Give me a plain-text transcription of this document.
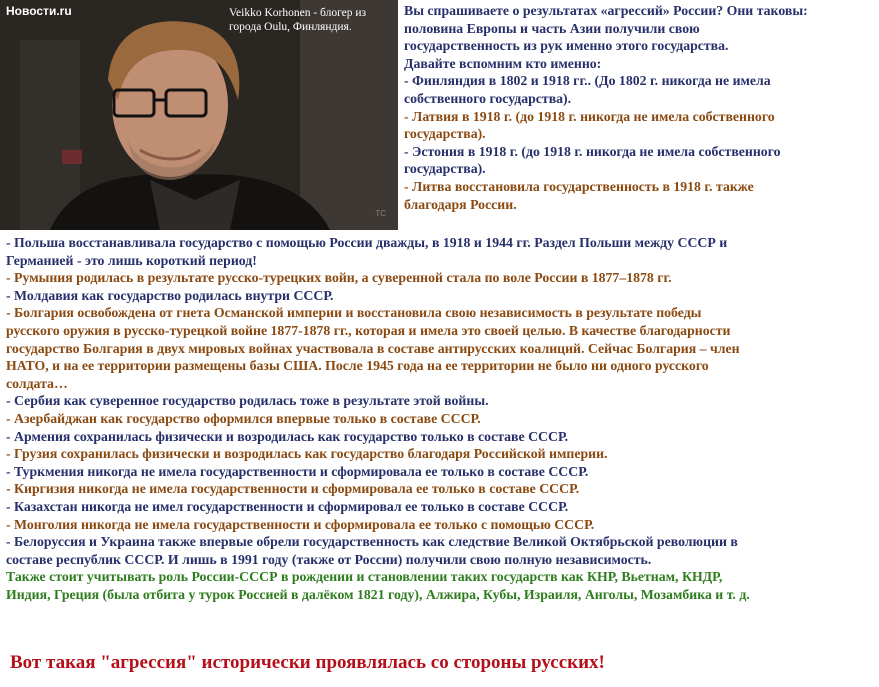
Новости.ru	Veikko Korhonen - блогер из города Oulu, Финляндия.
TC

Вы спрашиваете о результатах «агрессий» России? Они таковы:

половина Европы и часть Азии получили свою

государственность из рук именно этого государства.

Давайте вспомним кто именно:

- Финляндия в 1802 и 1918 гг.. (До 1802 г. никогда не имела

собственного государства).

- Латвия в 1918 г. (до 1918 г. никогда не имела собственного

государства).

- Эстония в 1918 г. (до 1918 г. никогда не имела собственного

государства).

- Литва восстановила государственность в 1918 г. также

благодаря России.

- Польша восстанавливала государство с помощью России дважды, в 1918 и 1944 гг. Раздел Польши между СССР и

Германией - это лишь короткий период!

- Румыния родилась в результате русско-турецких войн, а суверенной стала по воле России в 1877–1878 гг.

- Молдавия как государство родилась внутри СССР.

- Болгария освобождена от гнета Османской империи и восстановила свою независимость в результате победы

русского оружия в русско-турецкой войне 1877-1878 гг., которая и имела это своей целью. В качестве благодарности

государство Болгария в двух мировых войнах участвовала в составе антирусских коалиций. Сейчас Болгария – член

НАТО, и на ее территории размещены базы США. После 1945 года на ее территории не было ни одного русского

солдата…

- Сербия как суверенное государство родилась тоже в результате этой войны.

- Азербайджан как государство оформился впервые только в составе СССР.

- Армения сохранилась физически и возродилась как государство только в составе СССР.

- Грузия сохранилась физически и возродилась как государство благодаря Российской империи.

- Туркмения никогда не имела государственности и сформировала ее только в составе СССР.

- Киргизия никогда не имела государственности и сформировала ее только в составе СССР.

- Казахстан никогда не имел государственности и сформировал ее только в составе СССР.

- Монголия никогда не имела государственности и сформировала ее только с помощью СССР.

- Белоруссия и Украина также впервые обрели государственность как следствие Великой Октябрьской революции в

составе республик СССР. И лишь в 1991 году (также от России) получили свою полную независимость.

Также стоит учитывать роль России-СССР в рождении и становлении таких государств как КНР, Вьетнам, КНДР,

Индия, Греция (была отбита у турок Россией в далёком 1821 году), Алжира, Кубы, Израиля, Анголы, Мозамбика и т. д.

Вот такая "агрессия" исторически проявлялась со стороны русских!
